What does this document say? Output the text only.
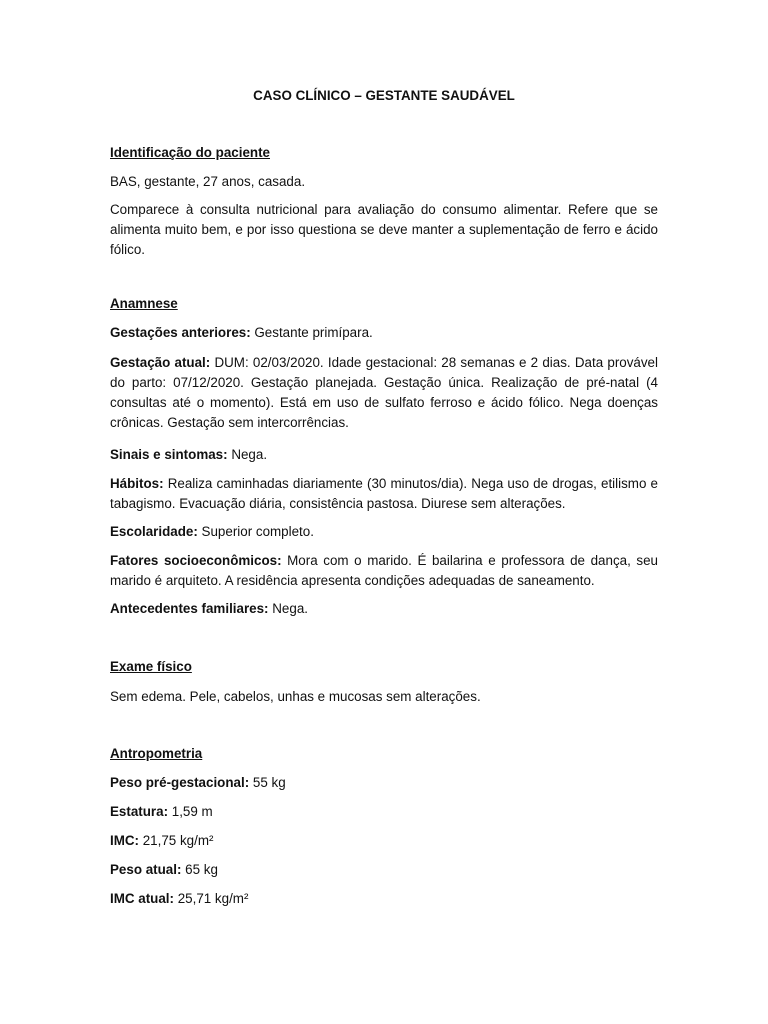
CASO CLÍNICO – GESTANTE SAUDÁVEL
Identificação do paciente
BAS, gestante, 27 anos, casada.
Comparece à consulta nutricional para avaliação do consumo alimentar. Refere que se alimenta muito bem, e por isso questiona se deve manter a suplementação de ferro e ácido fólico.
Anamnese
Gestações anteriores: Gestante primípara.
Gestação atual: DUM: 02/03/2020. Idade gestacional: 28 semanas e 2 dias. Data provável do parto: 07/12/2020. Gestação planejada. Gestação única. Realização de pré-natal (4 consultas até o momento). Está em uso de sulfato ferroso e ácido fólico. Nega doenças crônicas. Gestação sem intercorrências.
Sinais e sintomas: Nega.
Hábitos: Realiza caminhadas diariamente (30 minutos/dia). Nega uso de drogas, etilismo e tabagismo. Evacuação diária, consistência pastosa. Diurese sem alterações.
Escolaridade: Superior completo.
Fatores socioeconômicos: Mora com o marido. É bailarina e professora de dança, seu marido é arquiteto. A residência apresenta condições adequadas de saneamento.
Antecedentes familiares: Nega.
Exame físico
Sem edema. Pele, cabelos, unhas e mucosas sem alterações.
Antropometria
Peso pré-gestacional: 55 kg
Estatura: 1,59 m
IMC: 21,75 kg/m²
Peso atual: 65 kg
IMC atual: 25,71 kg/m²
